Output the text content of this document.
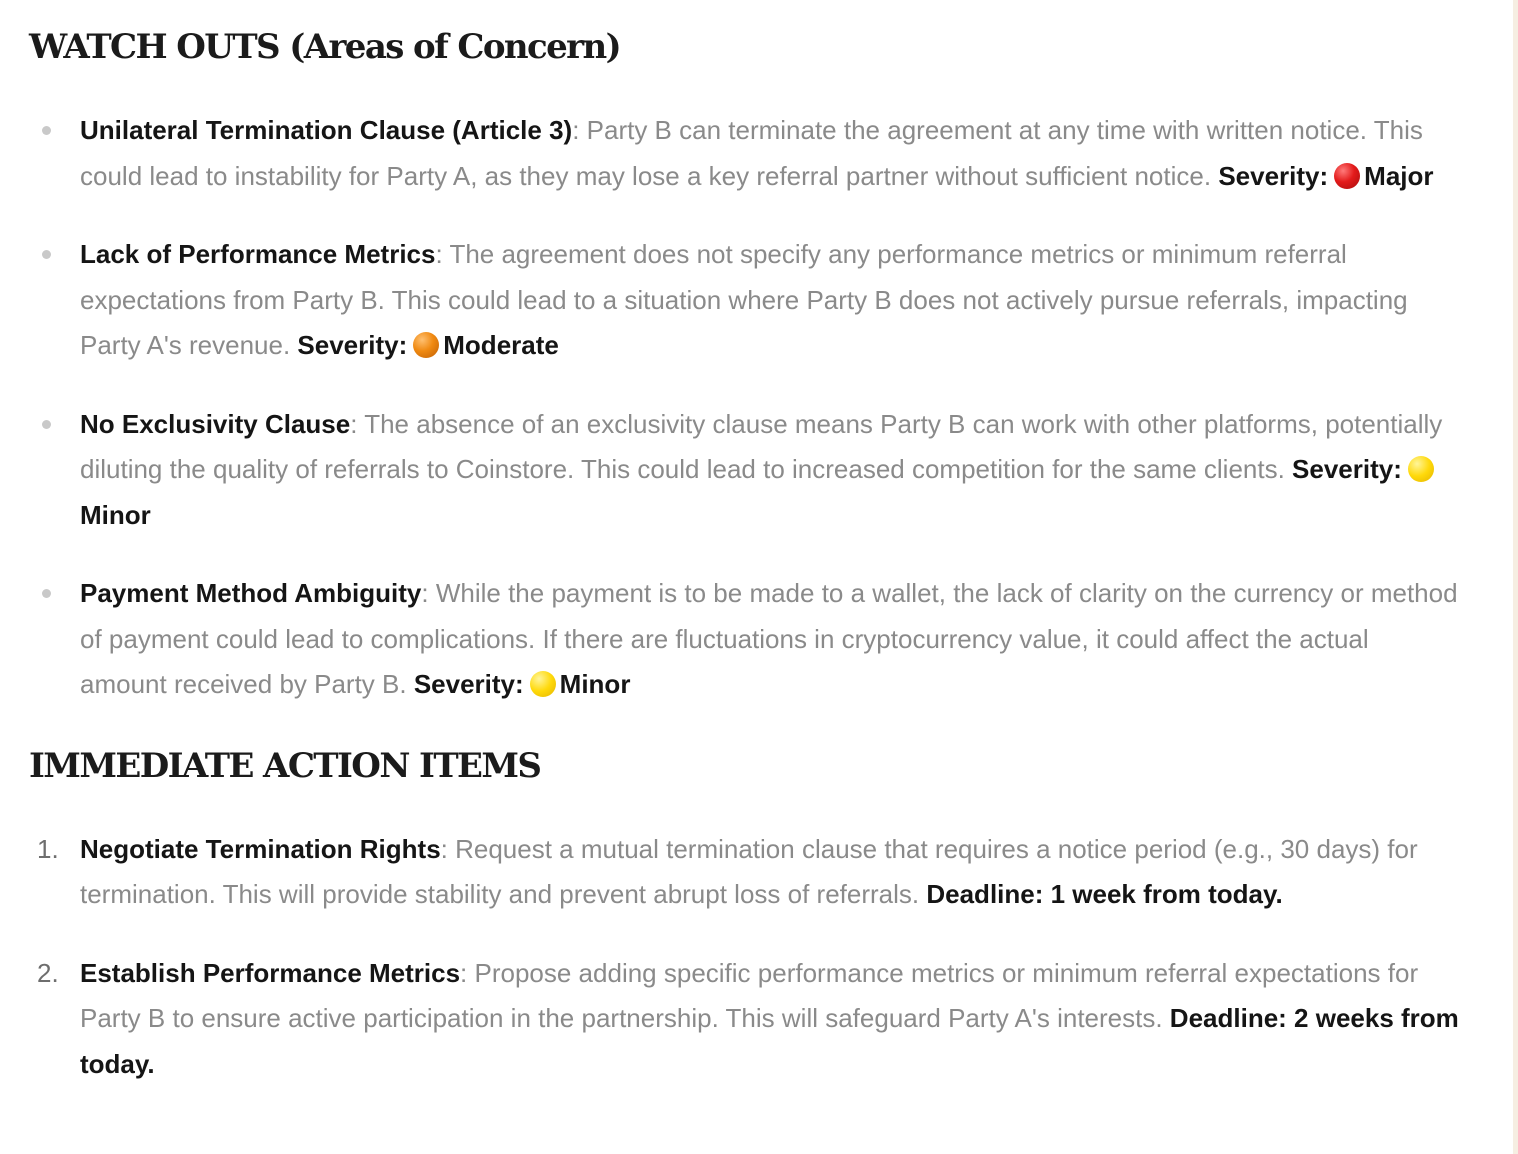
WATCH OUTS (Areas of Concern)
Unilateral Termination Clause (Article 3): Party B can terminate the agreement at any time with written notice. This could lead to instability for Party A, as they may lose a key referral partner without sufficient notice. Severity: Major
Lack of Performance Metrics: The agreement does not specify any performance metrics or minimum referral expectations from Party B. This could lead to a situation where Party B does not actively pursue referrals, impacting Party A's revenue. Severity: Moderate
No Exclusivity Clause: The absence of an exclusivity clause means Party B can work with other platforms, potentially diluting the quality of referrals to Coinstore. This could lead to increased competition for the same clients. Severity:Minor
Payment Method Ambiguity: While the payment is to be made to a wallet, the lack of clarity on the currency or method of payment could lead to complications. If there are fluctuations in cryptocurrency value, it could affect the actual amount received by Party B. Severity: Minor
IMMEDIATE ACTION ITEMS
1. Negotiate Termination Rights: Request a mutual termination clause that requires a notice period (e.g., 30 days) for termination. This will provide stability and prevent abrupt loss of referrals. Deadline: 1 week from today.
2. Establish Performance Metrics: Propose adding specific performance metrics or minimum referral expectations for Party B to ensure active participation in the partnership. This will safeguard Party A's interests. Deadline: 2 weeks from today.
